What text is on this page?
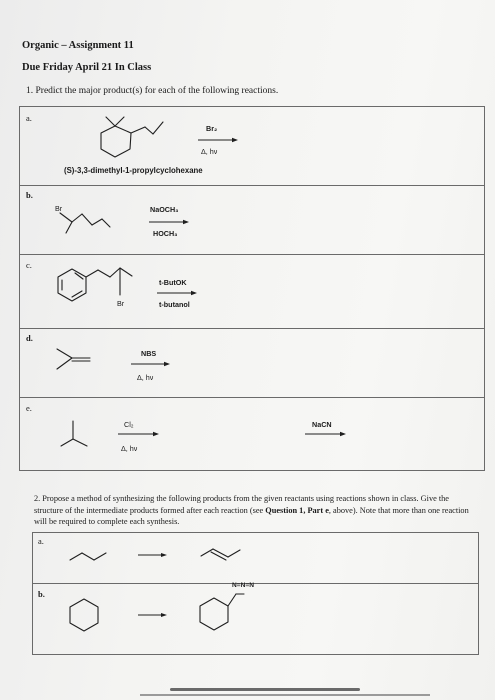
Organic – Assignment 11
Due Friday April 21 In Class
1. Predict the major product(s) for each of the following reactions.
a.
b.
c.
d.
e.
Br₂
Δ, hν
(S)-3,3-dimethyl-1-propylcyclohexane
Br	NaOCH₃
HOCH₃
Br
t-ButOK
t-butanol
NBS
Δ, hν
Cl₂
Δ, hν
NaCN
2. Propose a method of synthesizing the following products from the given reactants using reactions shown in class. Give the structure of the intermediate products formed after each reaction (see Question 1, Part e, above). Note that more than one reaction will be required to complete each synthesis.
a.
b.
N=N=N
